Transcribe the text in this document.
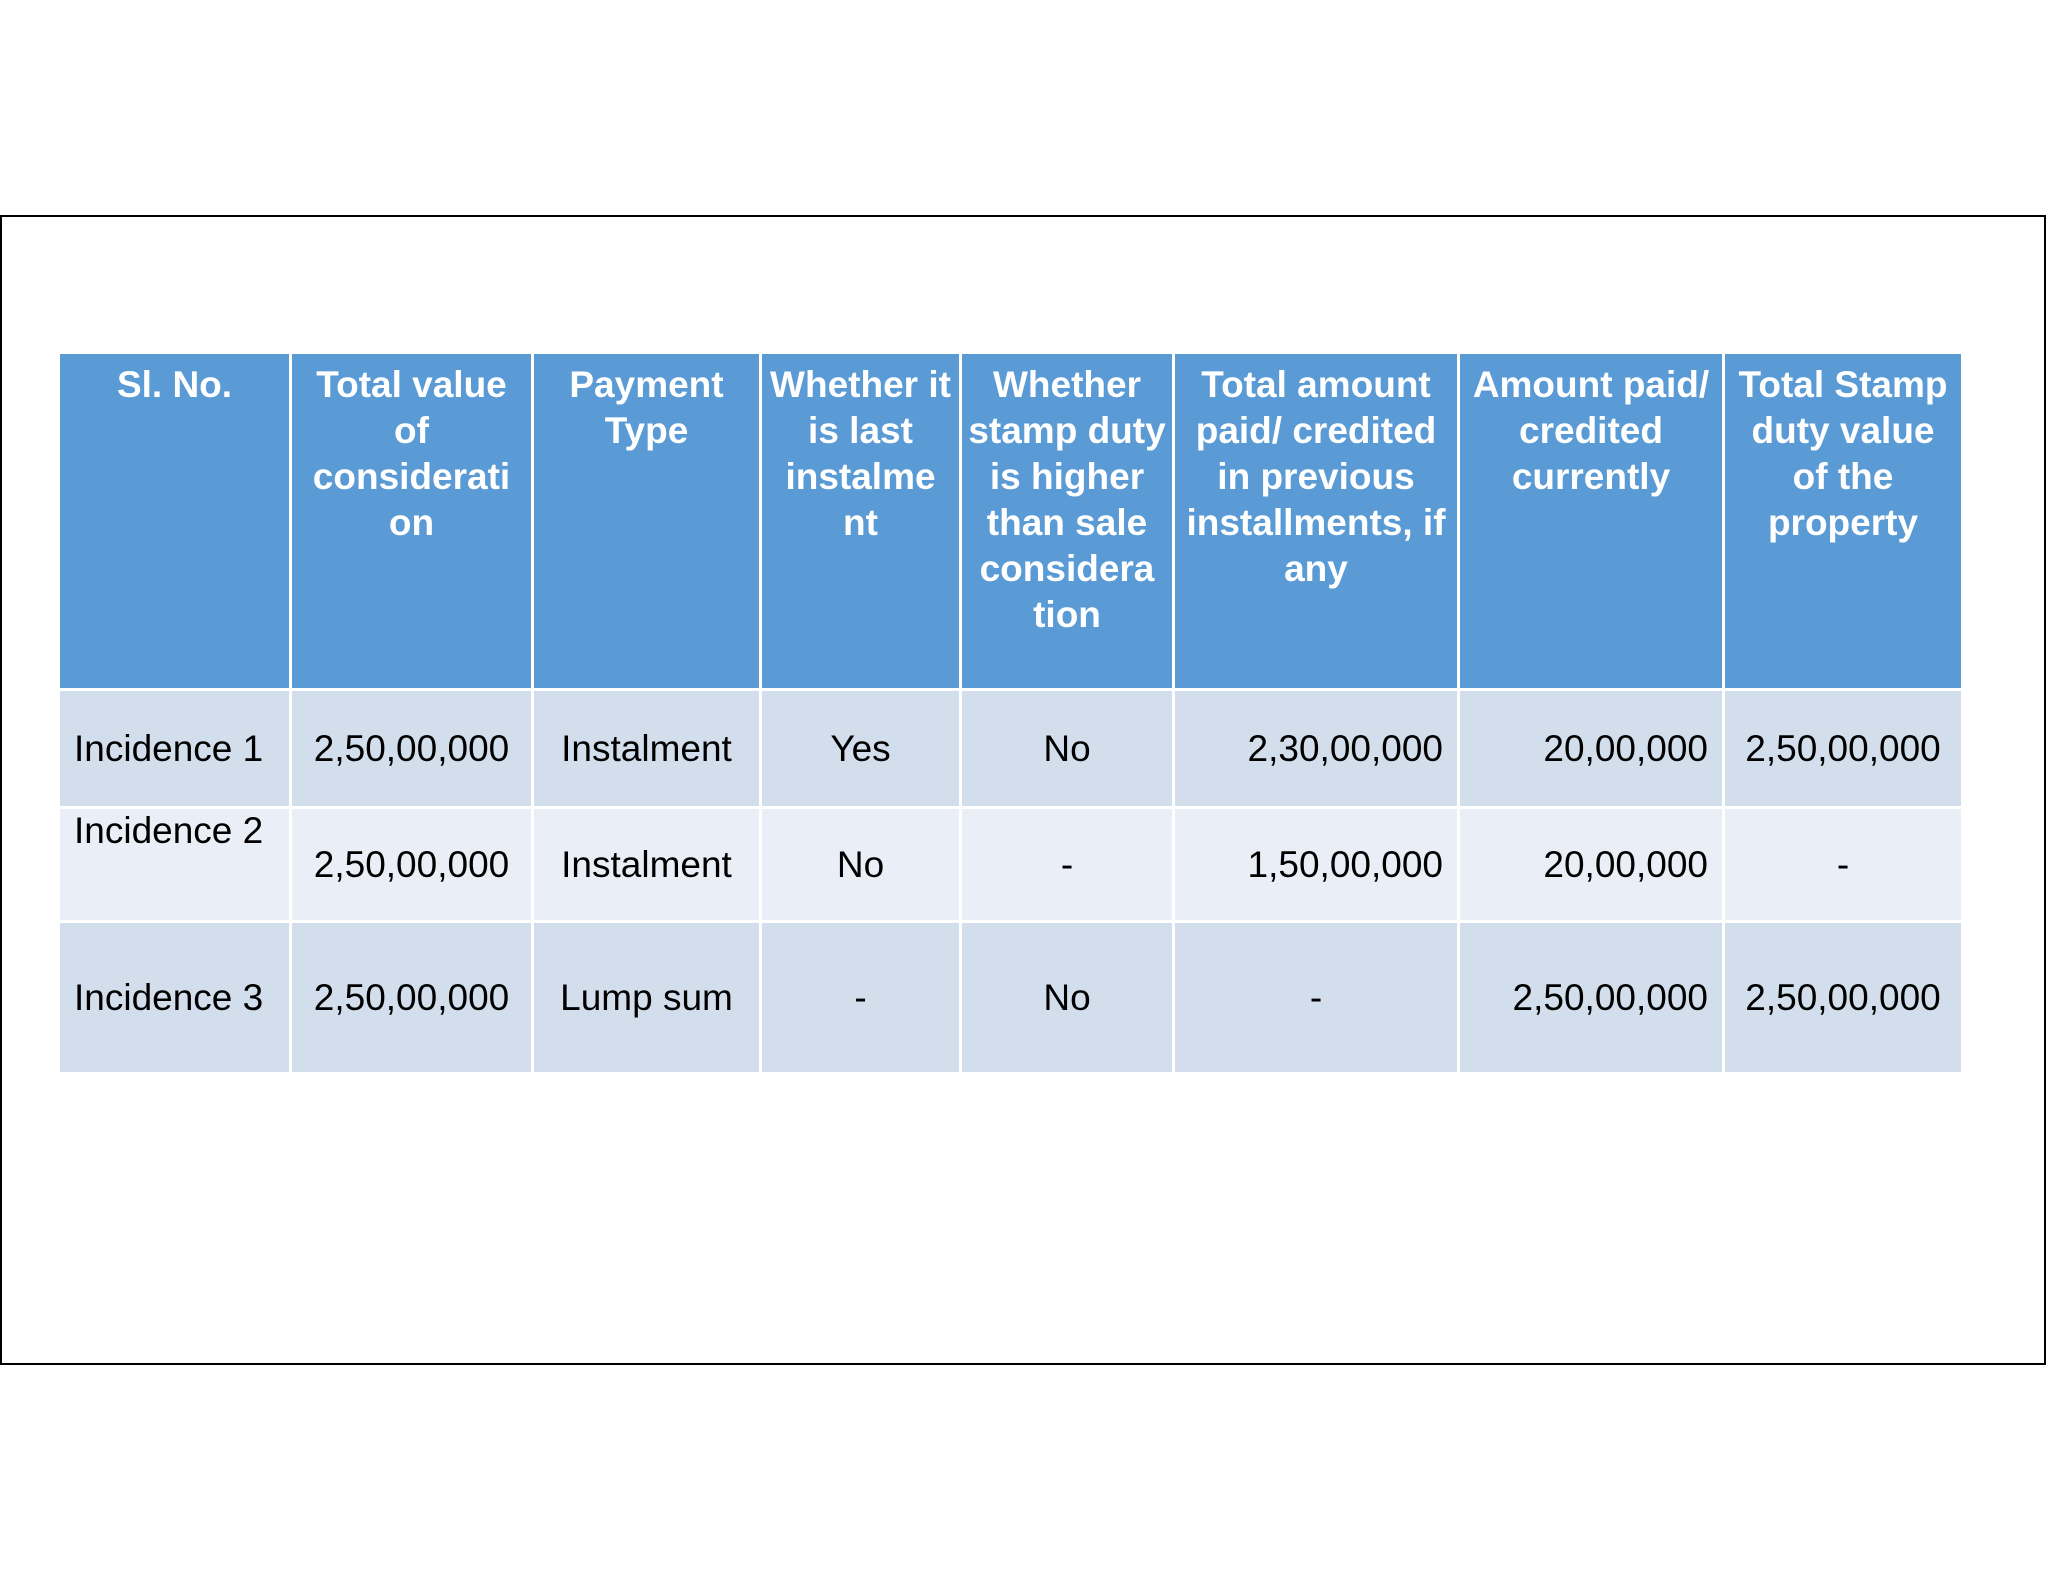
Sl. No.	Total value of considerati on	Payment Type	Whether it is last instalme nt	Whether stamp duty is higher than sale considera tion	Total amount paid/ credited in previous installments, if any	Amount paid/ credited currently	Total Stamp duty value of the property
Incidence 1	2,50,00,000	Instalment	Yes	No	2,30,00,000	20,00,000	2,50,00,000
Incidence 2	2,50,00,000	Instalment	No	-	1,50,00,000	20,00,000	-
Incidence 3	2,50,00,000	Lump sum	-	No	-	2,50,00,000	2,50,00,000
